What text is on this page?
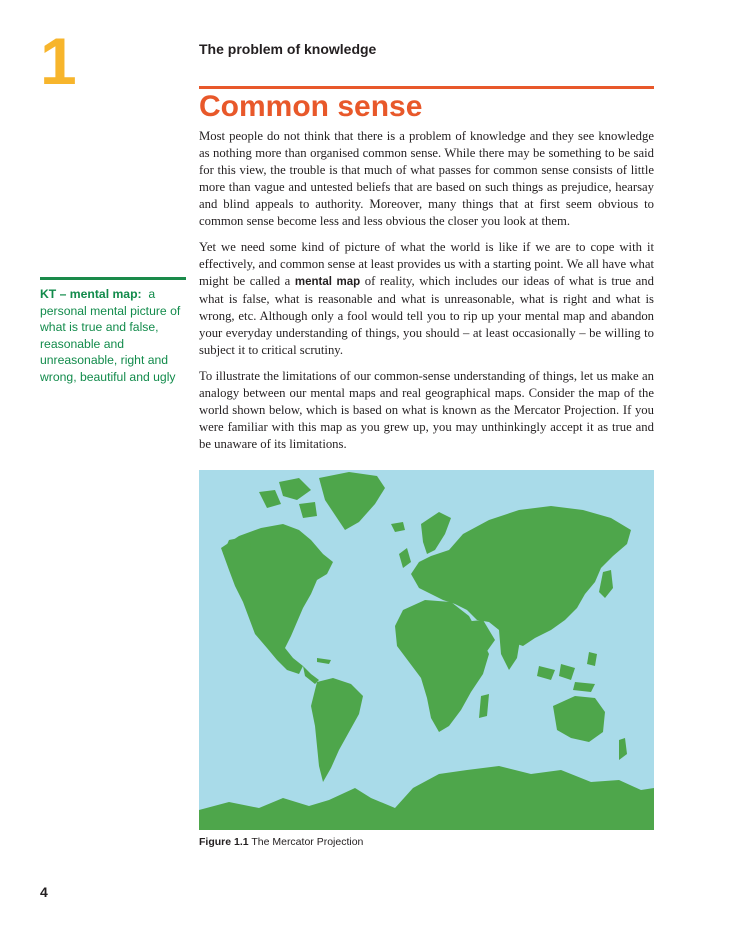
1	The problem of knowledge
Common sense

Most people do not think that there is a problem of knowledge and they see knowledge as nothing more than organised common sense. While there may be something to be said for this view, the trouble is that much of what passes for common sense consists of little more than vague and untested beliefs that are based on such things as prejudice, hearsay and blind appeals to authority. Moreover, many things that at first seem obvious to common sense become less and less obvious the closer you look at them.

Yet we need some kind of picture of what the world is like if we are to cope with it effectively, and common sense at least provides us with a starting point. We all have what might be called a mental map of reality, which includes our ideas of what is true and what is false, what is reasonable and what is unreasonable, what is right and what is wrong, etc. Although only a fool would tell you to rip up your mental map and abandon your everyday understanding of things, you should – at least occasionally – be willing to subject it to critical scrutiny.

To illustrate the limitations of our common-sense understanding of things, let us make an analogy between our mental maps and real geographical maps. Consider the map of the world shown below, which is based on what is known as the Mercator Projection. If you were familiar with this map as you grew up, you may unthinkingly accept it as true and be unaware of its limitations.

KT – mental map: a personal mental picture of what is true and false, reasonable and unreasonable, right and wrong, beautiful and ugly
Figure 1.1 The Mercator Projection
4
